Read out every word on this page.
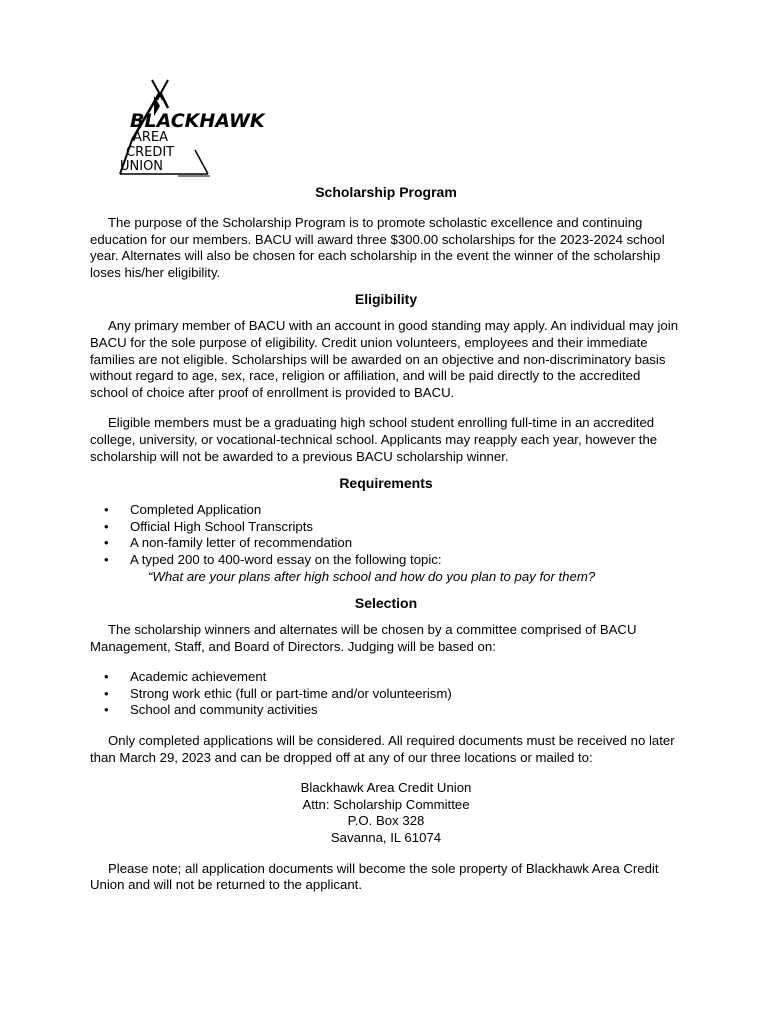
BLACKHAWK
AREA
CREDIT
UNION
Scholarship Program

The purpose of the Scholarship Program is to promote scholastic excellence and continuing education for our members. BACU will award three $300.00 scholarships for the 2023-2024 school year. Alternates will also be chosen for each scholarship in the event the winner of the scholarship loses his/her eligibility.

Eligibility

Any primary member of BACU with an account in good standing may apply. An individual may join BACU for the sole purpose of eligibility. Credit union volunteers, employees and their immediate families are not eligible. Scholarships will be awarded on an objective and non-discriminatory basis without regard to age, sex, race, religion or affiliation, and will be paid directly to the accredited school of choice after proof of enrollment is provided to BACU.

Eligible members must be a graduating high school student enrolling full-time in an accredited college, university, or vocational-technical school. Applicants may reapply each year, however the scholarship will not be awarded to a previous BACU scholarship winner.

Requirements
• Completed Application
• Official High School Transcripts
• A non-family letter of recommendation
• A typed 200 to 400-word essay on the following topic:

“What are your plans after high school and how do you plan to pay for them?

Selection

The scholarship winners and alternates will be chosen by a committee comprised of BACU Management, Staff, and Board of Directors. Judging will be based on:

• Academic achievement
• Strong work ethic (full or part-time and/or volunteerism)
• School and community activities

Only completed applications will be considered. All required documents must be received no later than March 29, 2023 and can be dropped off at any of our three locations or mailed to:

Blackhawk Area Credit Union
Attn: Scholarship Committee
P.O. Box 328
Savanna, IL 61074

Please note; all application documents will become the sole property of Blackhawk Area Credit Union and will not be returned to the applicant.
